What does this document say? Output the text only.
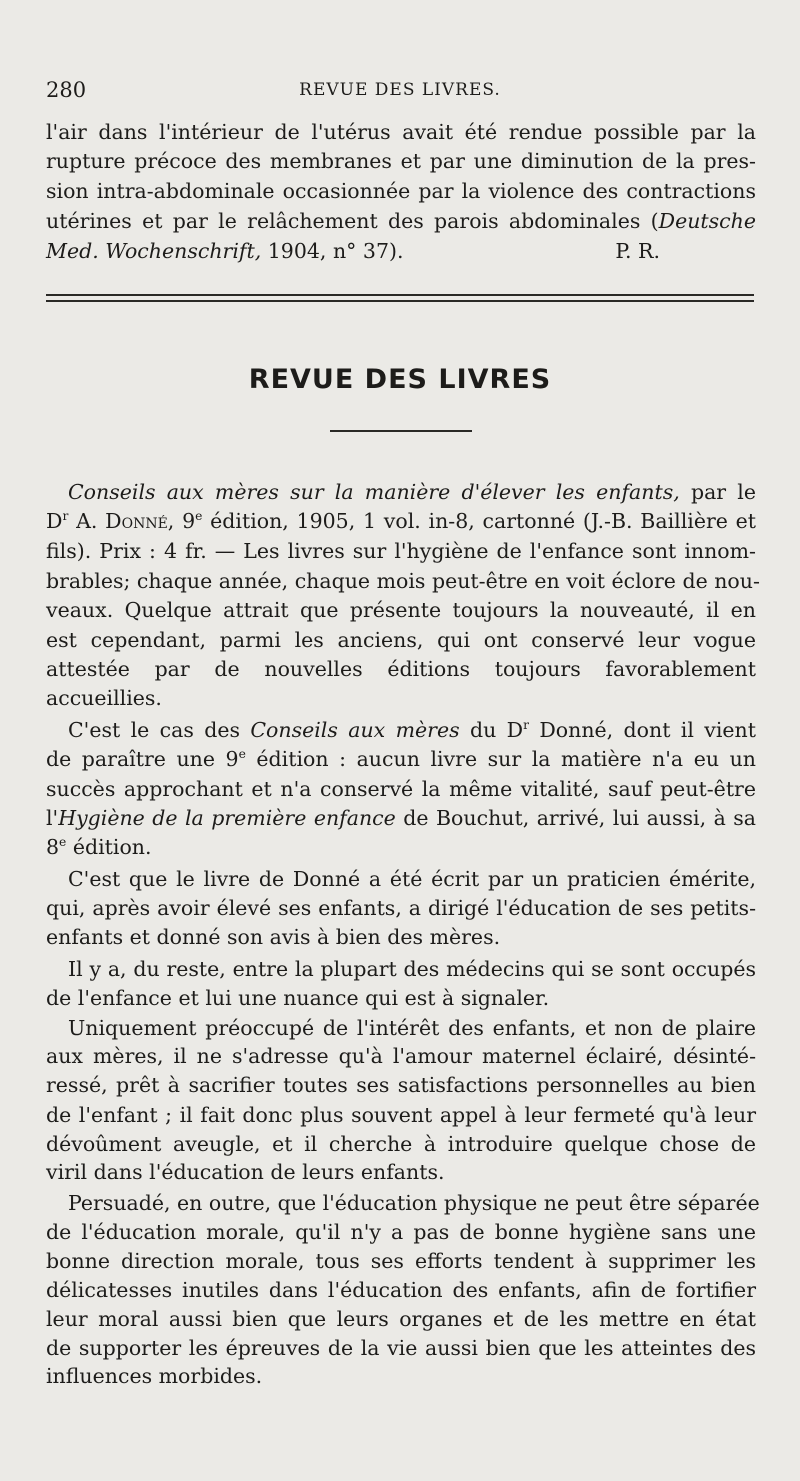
280	REVUE DES LIVRES.
l'air dans l'intérieur de l'utérus avait été rendue possible par la
rupture précoce des membranes et par une diminution de la pres-
sion intra-abdominale occasionnée par la violence des contractions
utérines et par le relâchement des parois abdominales (Deutsche
Med. Wochenschrift, 1904, n° 37).	P. R.
REVUE DES LIVRES
Conseils aux mères sur la manière d'élever les enfants, par le
$D^r$ A. Donné, 9e édition, 1905, 1 vol. in-8, cartonné (J.-B. Baillière et
fils). Prix : 4 fr. — Les livres sur l'hygiène de l'enfance sont innom-
brables; chaque année, chaque mois peut-être en voit éclore de nou-
veaux. Quelque attrait que présente toujours la nouveauté, il en
est cependant, parmi les anciens, qui ont conservé leur vogue
attestée par de nouvelles éditions toujours favorablement
accueillies.
C'est le cas des Conseils aux mères du $D^r$ Donné, dont il vient
de paraître une 9e édition : aucun livre sur la matière n'a eu un
succès approchant et n'a conservé la même vitalité, sauf peut-être
l'Hygiène de la première enfance de Bouchut, arrivé, lui aussi, à sa
8e édition.
C'est que le livre de Donné a été écrit par un praticien émérite,
qui, après avoir élevé ses enfants, a dirigé l'éducation de ses petits-
enfants et donné son avis à bien des mères.
Il y a, du reste, entre la plupart des médecins qui se sont occupés
de l'enfance et lui une nuance qui est à signaler.
Uniquement préoccupé de l'intérêt des enfants, et non de plaire
aux mères, il ne s'adresse qu'à l'amour maternel éclairé, désinté-
ressé, prêt à sacrifier toutes ses satisfactions personnelles au bien
de l'enfant ; il fait donc plus souvent appel à leur fermeté qu'à leur
dévoûment aveugle, et il cherche à introduire quelque chose de
viril dans l'éducation de leurs enfants.
Persuadé, en outre, que l'éducation physique ne peut être séparée
de l'éducation morale, qu'il n'y a pas de bonne hygiène sans une
bonne direction morale, tous ses efforts tendent à supprimer les
délicatesses inutiles dans l'éducation des enfants, afin de fortifier
leur moral aussi bien que leurs organes et de les mettre en état
de supporter les épreuves de la vie aussi bien que les atteintes des
influences morbides.
